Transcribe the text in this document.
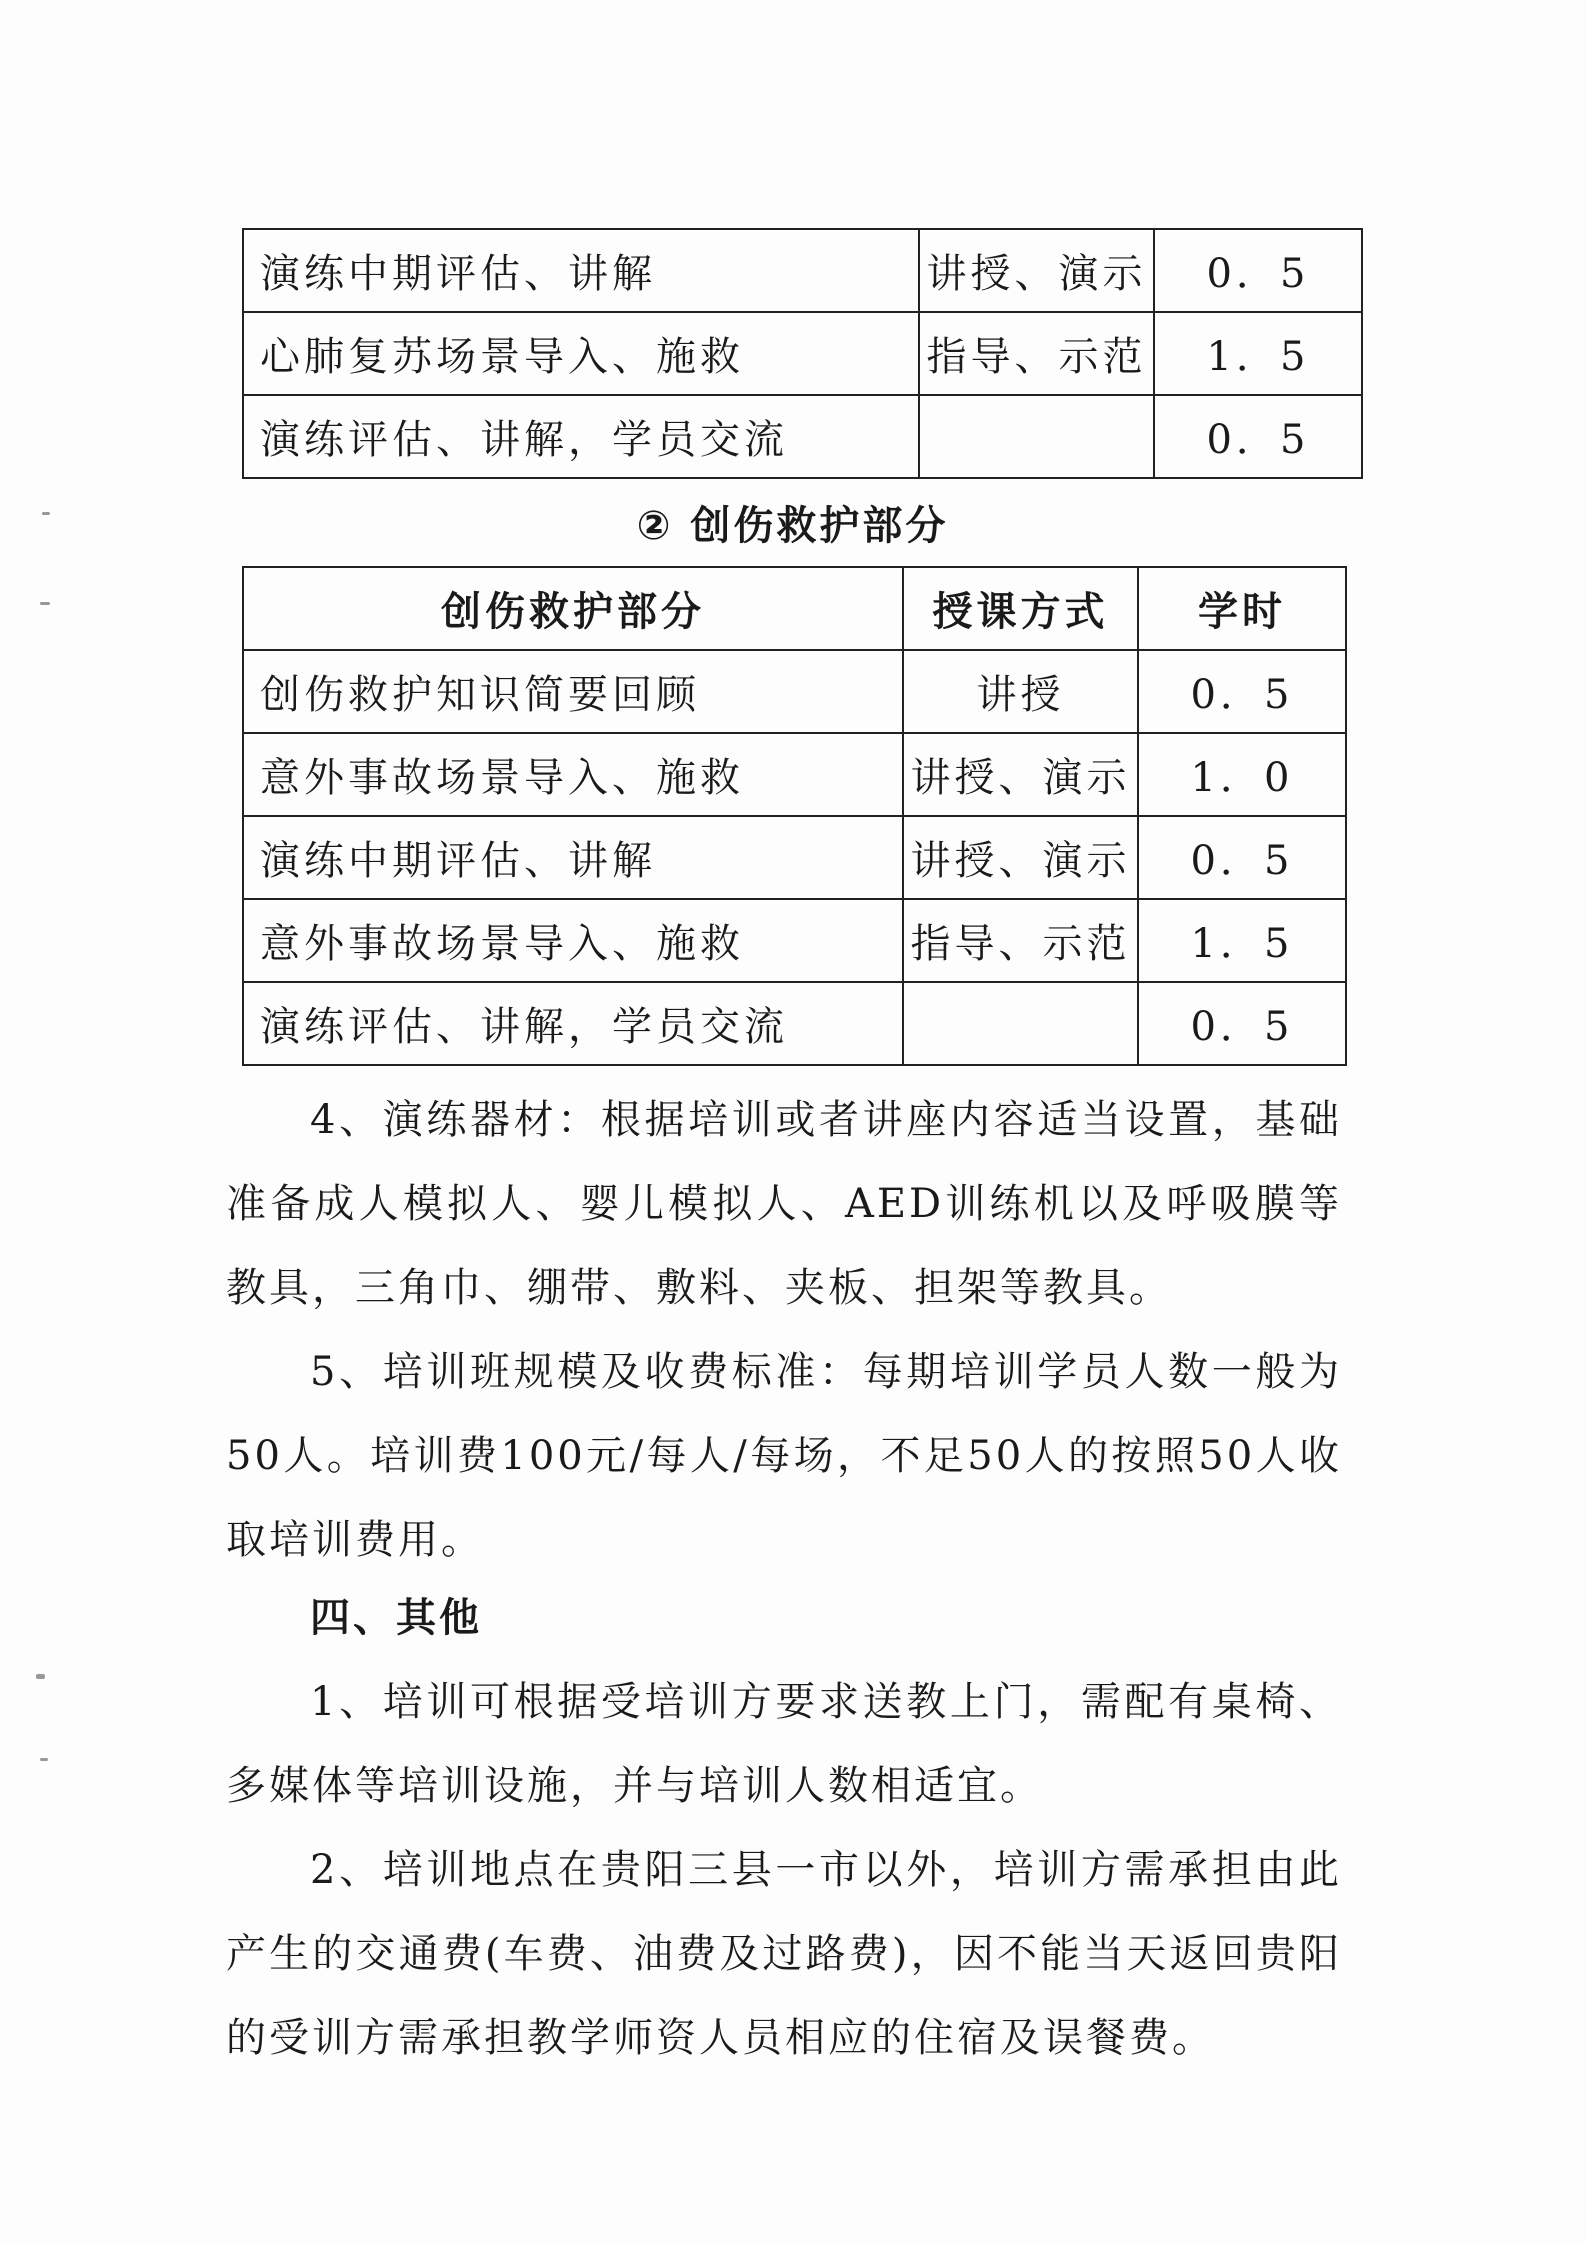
演练中期评估、讲解	讲授、演示	0．5
心肺复苏场景导入、施救	指导、示范	1．5
演练评估、讲解，学员交流		0．5
② 创伤救护部分
创伤救护部分	授课方式	学时
创伤救护知识简要回顾	讲授	0．5
意外事故场景导入、施救	讲授、演示	1．0
演练中期评估、讲解	讲授、演示	0．5
意外事故场景导入、施救	指导、示范	1．5
演练评估、讲解，学员交流		0．5

4、演练器材：根据培训或者讲座内容适当设置，基础准备成人模拟人、婴儿模拟人、AED训练机以及呼吸膜等教具，三角巾、绷带、敷料、夹板、担架等教具。

5、培训班规模及收费标准：每期培训学员人数一般为50人。培训费100元/每人/每场，不足50人的按照50人收取培训费用。

四、其他

1、培训可根据受培训方要求送教上门，需配有桌椅、多媒体等培训设施，并与培训人数相适宜。

2、培训地点在贵阳三县一市以外，培训方需承担由此产生的交通费(车费、油费及过路费)，因不能当天返回贵阳的受训方需承担教学师资人员相应的住宿及误餐费。
